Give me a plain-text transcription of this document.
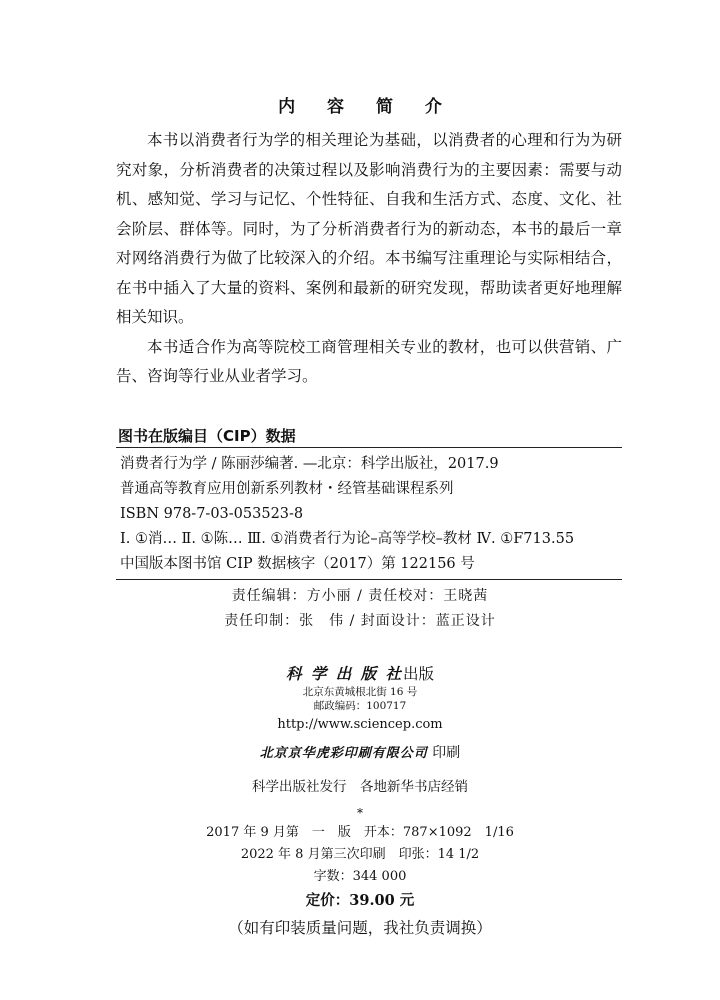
内 容 简 介

本书以消费者行为学的相关理论为基础，以消费者的心理和行为为研究对象，分析消费者的决策过程以及影响消费行为的主要因素：需要与动机、感知觉、学习与记忆、个性特征、自我和生活方式、态度、文化、社会阶层、群体等。同时，为了分析消费者行为的新动态，本书的最后一章对网络消费行为做了比较深入的介绍。本书编写注重理论与实际相结合，在书中插入了大量的资料、案例和最新的研究发现，帮助读者更好地理解相关知识。

本书适合作为高等院校工商管理相关专业的教材，也可以供营销、广告、咨询等行业从业者学习。

图书在版编目（CIP）数据
消费者行为学 / 陈丽莎编著. —北京：科学出版社，2017.9
普通高等教育应用创新系列教材・经管基础课程系列
ISBN 978-7-03-053523-8
Ⅰ. ①消… Ⅱ. ①陈… Ⅲ. ①消费者行为论–高等学校–教材 Ⅳ. ①F713.55
中国版本图书馆 CIP 数据核字（2017）第 122156 号
责任编辑：方小丽 / 责任校对：王晓茜
责任印制：张　伟 / 封面设计：蓝正设计
科 学 出 版 社出版
北京东黄城根北街 16 号
邮政编码：100717
http://www.sciencep.com
北京京华虎彩印刷有限公司 印刷
科学出版社发行　各地新华书店经销
*
2017 年 9 月第　一　版　开本：787×1092　1/16
2022 年 8 月第三次印刷　印张：14 1/2
字数：344 000
定价：39.00 元
（如有印装质量问题，我社负责调换）
